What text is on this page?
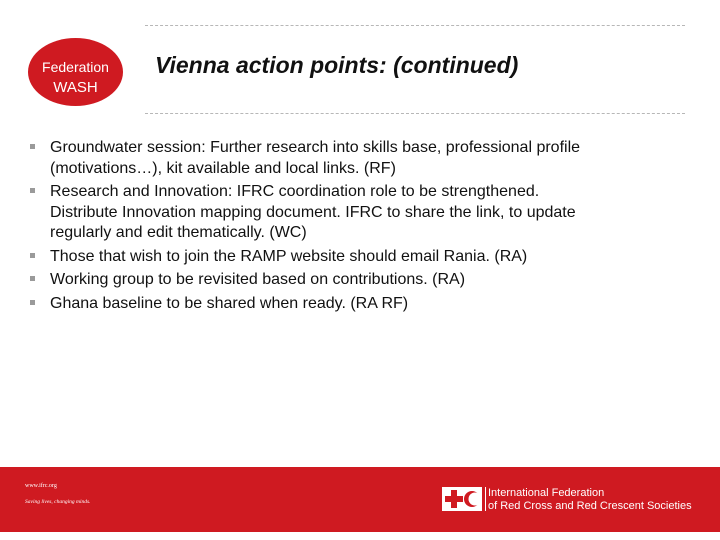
Federation
WASH
Vienna action points: (continued)
Groundwater session: Further research into skills base, professional profile
(motivations…), kit available and local links. (RF)
Research and Innovation: IFRC coordination role to be strengthened.
Distribute Innovation mapping document. IFRC to share the link, to update
regularly and edit thematically. (WC)
Those that wish to join the RAMP website should email Rania. (RA)
Working group to be revisited based on contributions. (RA)
Ghana baseline to be shared when ready. (RA RF)
www.ifrc.org
Saving lives, changing minds.
International Federation
of Red Cross and Red Crescent Societies
